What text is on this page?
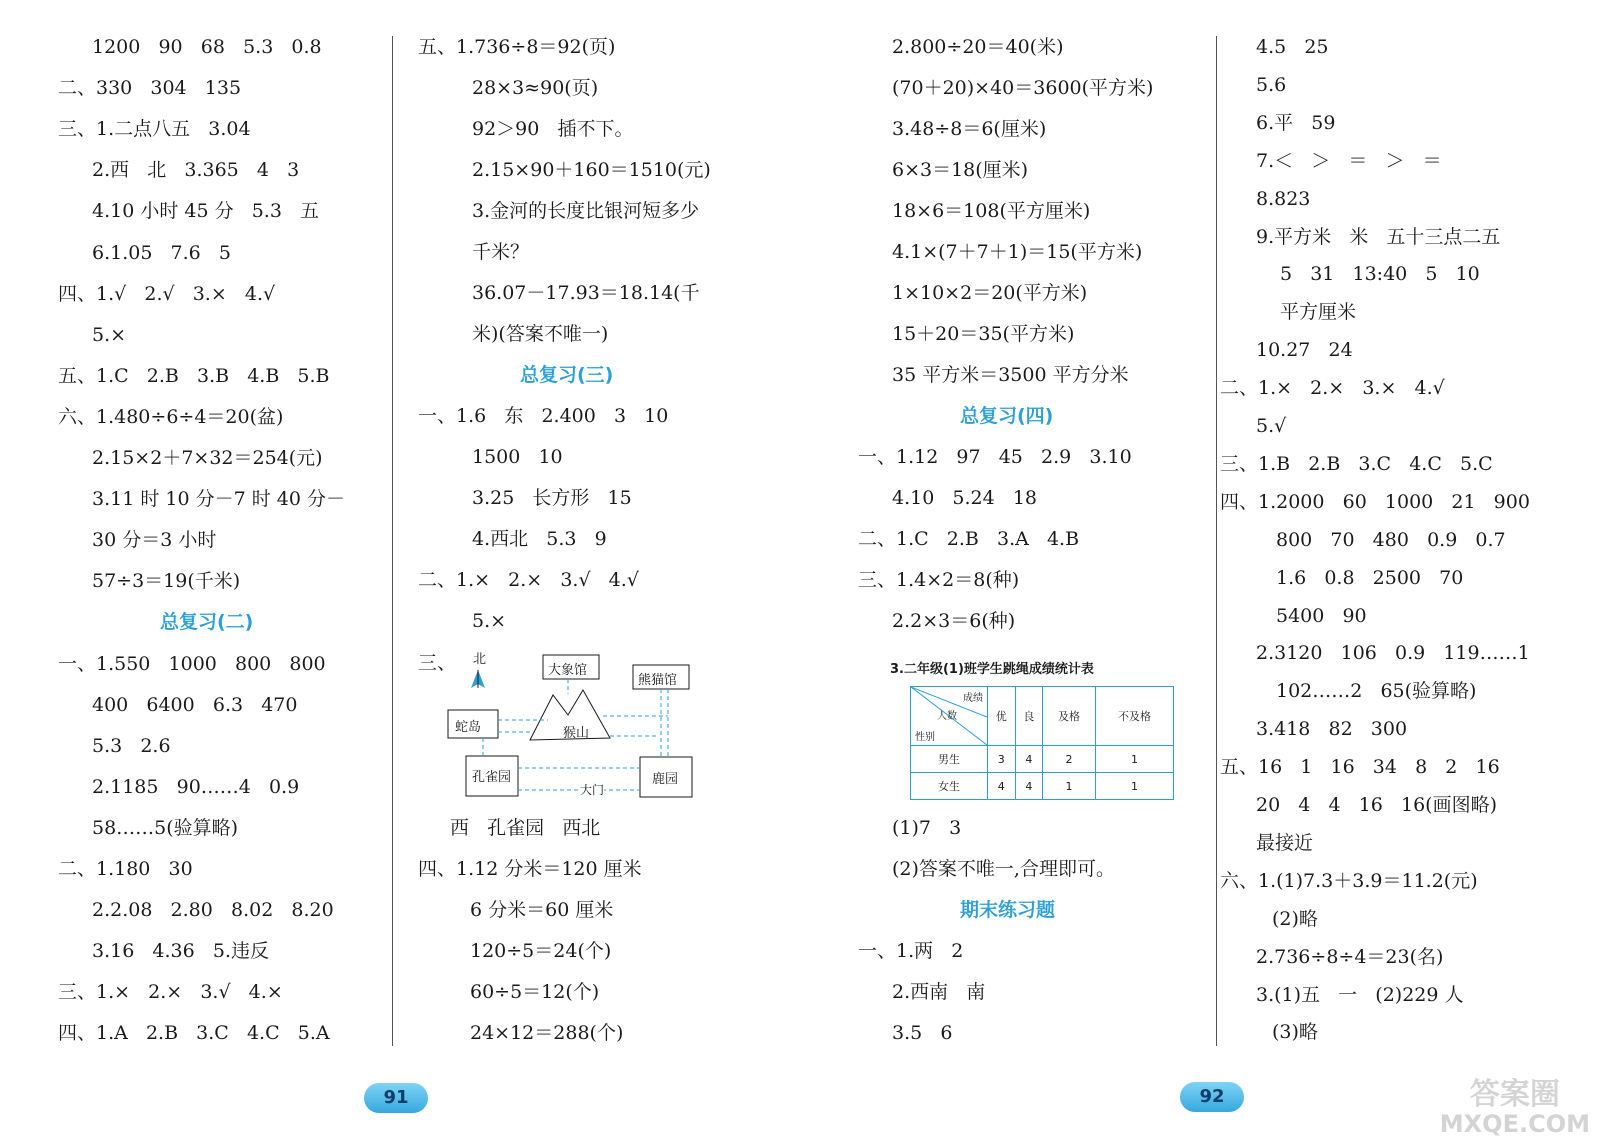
1200   90   68   5.3   0.8
二、330   304   135
三、1.二点八五   3.04
2.西   北   3.365   4   3
4.10 小时 45 分   5.3   五
6.1.05   7.6   5
四、1.√   2.√   3.×   4.√
5.×
五、1.C   2.B   3.B   4.B   5.B
六、1.480÷6÷4＝20(盆)
2.15×2＋7×32＝254(元)
3.11 时 10 分－7 时 40 分－
30 分＝3 小时
57÷3＝19(千米)
总复习(二)
一、1.550   1000   800   800
400   6400   6.3   470
5.3   2.6
2.1185   90……4   0.9
58……5(验算略)
二、1.180   30
2.2.08   2.80   8.02   8.20
3.16   4.36   5.违反
三、1.×   2.×   3.√   4.×
四、1.A   2.B   3.C   4.C   5.A
五、1.736÷8＝92(页)
28×3≈90(页)
92＞90   插不下。
2.15×90＋160＝1510(元)
3.金河的长度比银河短多少
千米？
36.07－17.93＝18.14(千
米)(答案不唯一)
总复习(三)
一、1.6   东   2.400   3   10
1500   10
3.25   长方形   15
4.西北   5.3   9
二、1.×   2.×   3.√   4.√
5.×
西   孔雀园   西北
四、1.12 分米＝120 厘米
6 分米＝60 厘米
120÷5＝24(个)
60÷5＝12(个)
24×12＝288(个)
三、 北
大象馆
熊猫馆
蛇岛	猴山
孔雀园	鹿园
大门
91
2.800÷20＝40(米)
(70＋20)×40＝3600(平方米)
3.48÷8＝6(厘米)
6×3＝18(厘米)
18×6＝108(平方厘米)
4.1×(7＋7＋1)＝15(平方米)
1×10×2＝20(平方米)
15＋20＝35(平方米)
35 平方米＝3500 平方分米
总复习(四)
一、1.12   97   45   2.9   3.10
4.10   5.24   18
二、1.C   2.B   3.A   4.B
三、1.4×2＝8(种)
2.2×3＝6(种)
(1)7   3
(2)答案不唯一,合理即可。
期末练习题
一、1.两   2
2.西南   南
3.5   6
3.二年级(1)班学生跳绳成绩统计表
成绩
人数
性别	优	良	及格	不及格
男生	3	4	2	1
女生	4	4	1	1
4.5   25
5.6
6.平   59
7.＜   ＞   ＝   ＞   ＝
8.823
9.平方米   米   五十三点二五
5   31   13:40   5   10
平方厘米
10.27   24
二、1.×   2.×   3.×   4.√
5.√
三、1.B   2.B   3.C   4.C   5.C
四、1.2000   60   1000   21   900
800   70   480   0.9   0.7
1.6   0.8   2500   70
5400   90
2.3120   106   0.9   119……1
102……2   65(验算略)
3.418   82   300
五、16   1   16   34   8   2   16
20   4   4   16   16(画图略)
最接近
六、1.(1)7.3＋3.9＝11.2(元)
(2)略
2.736÷8÷4＝23(名)
3.(1)五   一   (2)229 人
(3)略
92	答案圈
MXQE.COM
